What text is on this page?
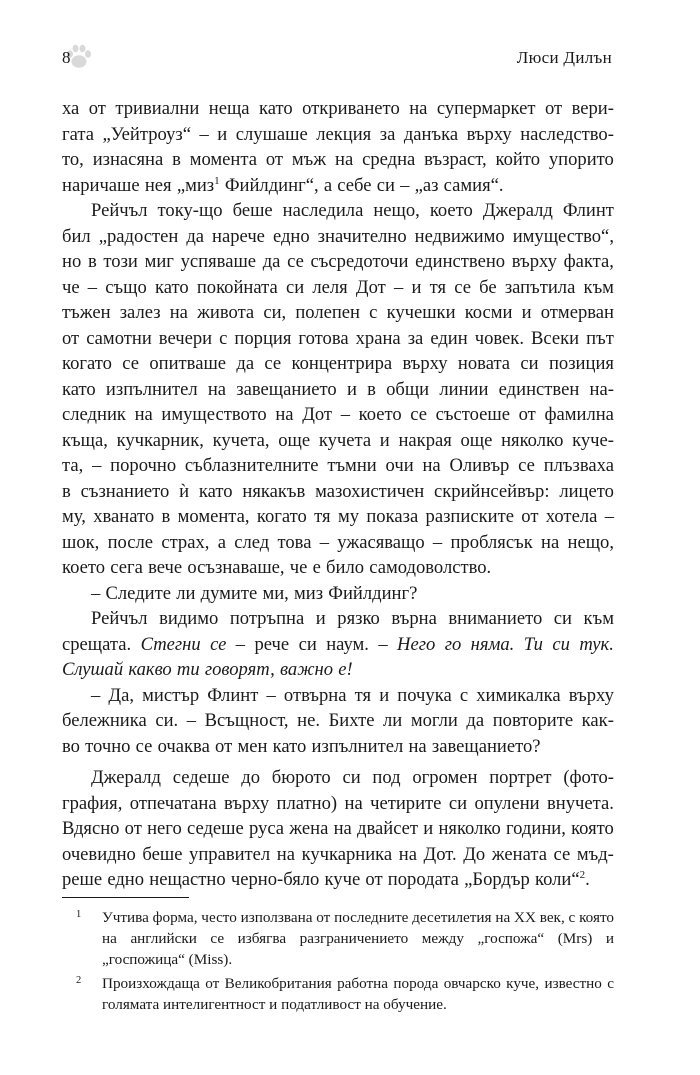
8	Люси Дилън
ха от тривиални неща като откриването на супермаркет от вери-
гата „Уейтроуз“ – и слушаше лекция за данъка върху наследство-
то, изнасяна в момента от мъж на средна възраст, който упорито
наричаше нея „миз$^1$ Фийлдинг“, а себе си – „аз самия“.
Рейчъл току-що беше наследила нещо, което Джералд Флинт
бил „радостен да нарече едно значително недвижимо имущество“,
но в този миг успяваше да се съсредоточи единствено върху факта,
че – също като покойната си леля Дот – и тя се бе запътила към
тъжен залез на живота си, полепен с кучешки косми и отмерван
от самотни вечери с порция готова храна за един човек. Всеки път
когато се опитваше да се концентрира върху новата си позиция
като изпълнител на завещанието и в общи линии единствен на-
следник на имуществото на Дот – което се състоеше от фамилна
къща, кучкарник, кучета, още кучета и накрая още няколко куче-
та, – порочно съблазнителните тъмни очи на Оливър се плъзваха
в съзнанието ѝ като някакъв мазохистичен скрийнсейвър: лицето
му, хванато в момента, когато тя му показа разписките от хотела –
шок, после страх, а след това – ужасяващо – проблясък на нещо,
което сега вече осъзнаваше, че е било самодоволство.
– Следите ли думите ми, миз Фийлдинг?
Рейчъл видимо потръпна и рязко върна вниманието си към
срещата. Стегни се – рече си наум. – Него го няма. Ти си тук.
Слушай какво ти говорят, важно е!
– Да, мистър Флинт – отвърна тя и почука с химикалка върху
бележника си. – Всъщност, не. Бихте ли могли да повторите как-
во точно се очаква от мен като изпълнител на завещанието?
Джералд седеше до бюрото си под огромен портрет (фото-
графия, отпечатана върху платно) на четирите си опулени внучета.
Вдясно от него седеше руса жена на двайсет и няколко години, която
очевидно беше управител на кучкарника на Дот. До жената се мъд-
реше едно нещастно черно-бяло куче от породата „Бордър коли“$^2$.
1	Учтива форма, често използвана от последните десетилетия на XX век, с която на английски се избягва разграничението между „госпожа“ (Mrs) и „госпожица“ (Miss).
2	Произхождаща от Великобритания работна порода овчарско куче, известно с голямата интелигентност и податливост на обучение.
